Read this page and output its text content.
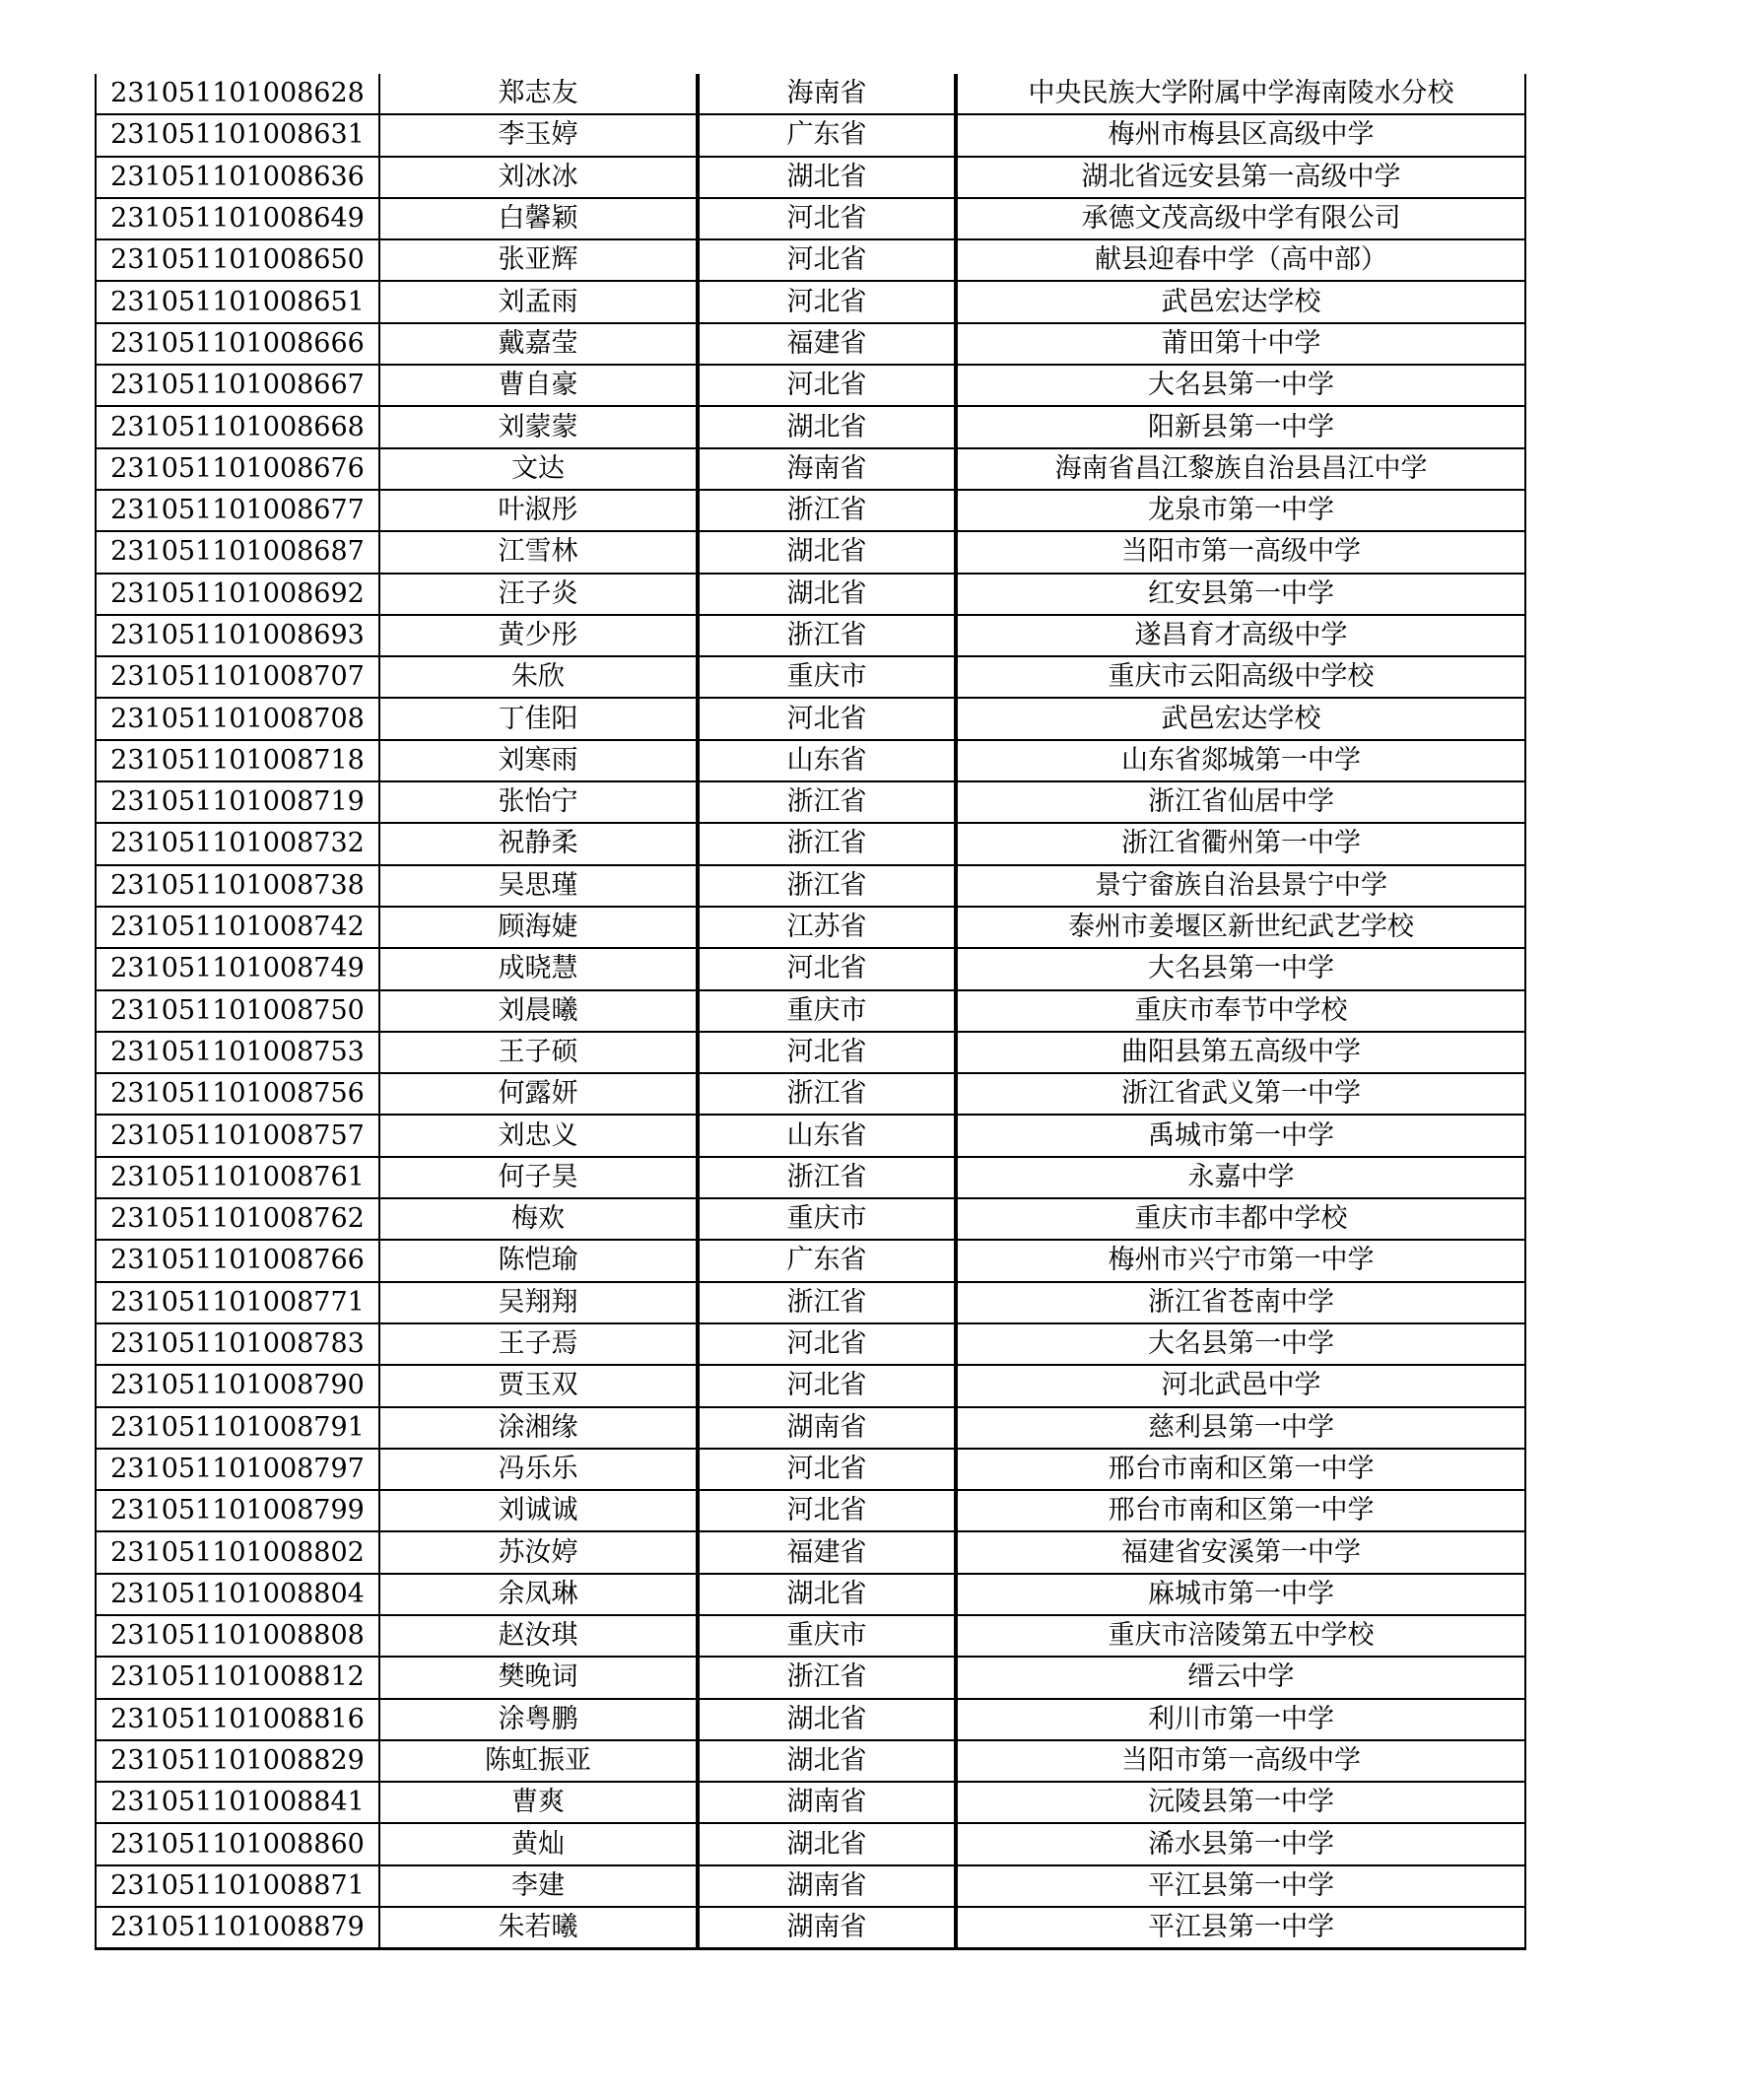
231051101008628	郑志友	海南省	中央民族大学附属中学海南陵水分校
231051101008631	李玉婷	广东省	梅州市梅县区高级中学
231051101008636	刘冰冰	湖北省	湖北省远安县第一高级中学
231051101008649	白馨颖	河北省	承德文茂高级中学有限公司
231051101008650	张亚辉	河北省	献县迎春中学（高中部）
231051101008651	刘孟雨	河北省	武邑宏达学校
231051101008666	戴嘉莹	福建省	莆田第十中学
231051101008667	曹自豪	河北省	大名县第一中学
231051101008668	刘蒙蒙	湖北省	阳新县第一中学
231051101008676	文达	海南省	海南省昌江黎族自治县昌江中学
231051101008677	叶淑彤	浙江省	龙泉市第一中学
231051101008687	江雪林	湖北省	当阳市第一高级中学
231051101008692	汪子炎	湖北省	红安县第一中学
231051101008693	黄少彤	浙江省	遂昌育才高级中学
231051101008707	朱欣	重庆市	重庆市云阳高级中学校
231051101008708	丁佳阳	河北省	武邑宏达学校
231051101008718	刘寒雨	山东省	山东省郯城第一中学
231051101008719	张怡宁	浙江省	浙江省仙居中学
231051101008732	祝静柔	浙江省	浙江省衢州第一中学
231051101008738	吴思瑾	浙江省	景宁畲族自治县景宁中学
231051101008742	顾海婕	江苏省	泰州市姜堰区新世纪武艺学校
231051101008749	成晓慧	河北省	大名县第一中学
231051101008750	刘晨曦	重庆市	重庆市奉节中学校
231051101008753	王子硕	河北省	曲阳县第五高级中学
231051101008756	何露妍	浙江省	浙江省武义第一中学
231051101008757	刘忠义	山东省	禹城市第一中学
231051101008761	何子昊	浙江省	永嘉中学
231051101008762	梅欢	重庆市	重庆市丰都中学校
231051101008766	陈恺瑜	广东省	梅州市兴宁市第一中学
231051101008771	吴翔翔	浙江省	浙江省苍南中学
231051101008783	王子焉	河北省	大名县第一中学
231051101008790	贾玉双	河北省	河北武邑中学
231051101008791	涂湘缘	湖南省	慈利县第一中学
231051101008797	冯乐乐	河北省	邢台市南和区第一中学
231051101008799	刘诚诚	河北省	邢台市南和区第一中学
231051101008802	苏汝婷	福建省	福建省安溪第一中学
231051101008804	余凤琳	湖北省	麻城市第一中学
231051101008808	赵汝琪	重庆市	重庆市涪陵第五中学校
231051101008812	樊晚词	浙江省	缙云中学
231051101008816	涂粤鹏	湖北省	利川市第一中学
231051101008829	陈虹振亚	湖北省	当阳市第一高级中学
231051101008841	曹爽	湖南省	沅陵县第一中学
231051101008860	黄灿	湖北省	浠水县第一中学
231051101008871	李建	湖南省	平江县第一中学
231051101008879	朱若曦	湖南省	平江县第一中学
